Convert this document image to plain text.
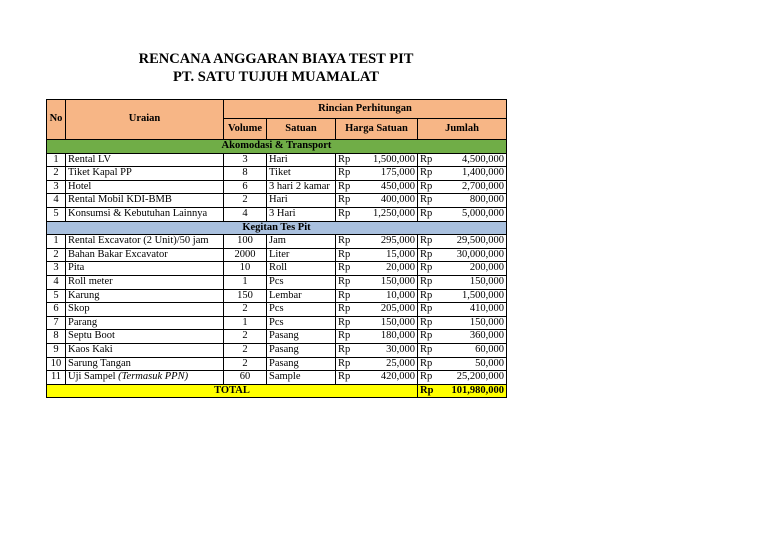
RENCANA ANGGARAN BIAYA TEST PIT
PT. SATU TUJUH MUAMALAT
No	Uraian	Rincian Perhitungan					
		Volume	Satuan	Harga Satuan		Jumlah	
Akomodasi & Transport							
1	Rental LV	3	Hari	Rp	1,500,000	Rp	4,500,000
2	Tiket Kapal PP	8	Tiket	Rp	175,000	Rp	1,400,000
3	Hotel	6	3 hari 2 kamar	Rp	450,000	Rp	2,700,000
4	Rental Mobil KDI-BMB	2	Hari	Rp	400,000	Rp	800,000
5	Konsumsi & Kebutuhan Lainnya	4	3 Hari	Rp	1,250,000	Rp	5,000,000
Kegitan Tes Pit							
1	Rental Excavator (2 Unit)/50 jam	100	Jam	Rp	295,000	Rp	29,500,000
2	Bahan Bakar Excavator	2000	Liter	Rp	15,000	Rp	30,000,000
3	Pita	10	Roll	Rp	20,000	Rp	200,000
4	Roll meter	1	Pcs	Rp	150,000	Rp	150,000
5	Karung	150	Lembar	Rp	10,000	Rp	1,500,000
6	Skop	2	Pcs	Rp	205,000	Rp	410,000
7	Parang	1	Pcs	Rp	150,000	Rp	150,000
8	Septu Boot	2	Pasang	Rp	180,000	Rp	360,000
9	Kaos Kaki	2	Pasang	Rp	30,000	Rp	60,000
10	Sarung Tangan	2	Pasang	Rp	25,000	Rp	50,000
11	Uji Sampel (Termasuk PPN)	60	Sample	Rp	420,000	Rp	25,200,000
TOTAL						Rp	101,980,000
